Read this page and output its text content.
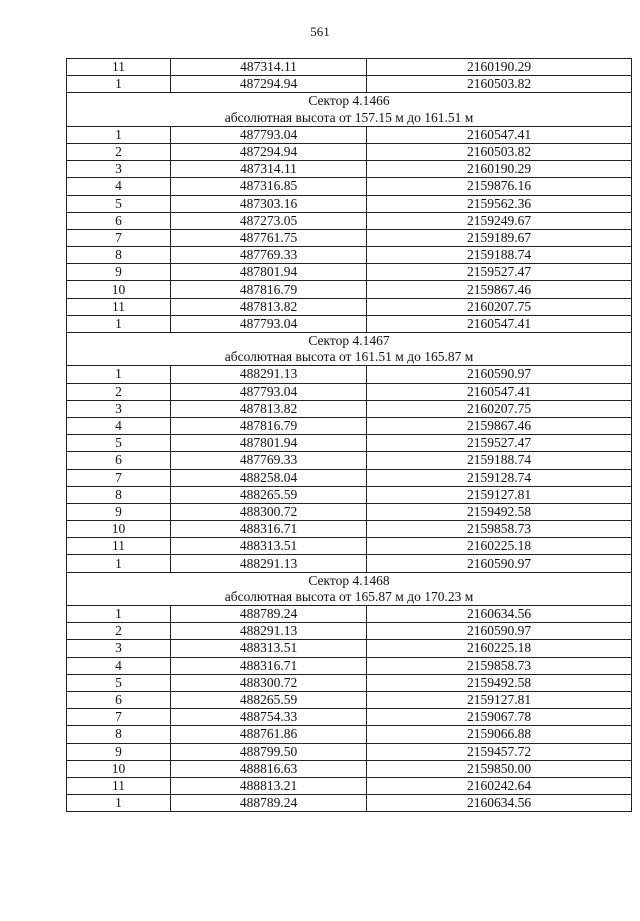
561
11	487314.11	2160190.29
1	487294.94	2160503.82
Сектор 4.1466		
абсолютная высота от 157.15 м до 161.51 м		
1	487793.04	2160547.41
2	487294.94	2160503.82
3	487314.11	2160190.29
4	487316.85	2159876.16
5	487303.16	2159562.36
6	487273.05	2159249.67
7	487761.75	2159189.67
8	487769.33	2159188.74
9	487801.94	2159527.47
10	487816.79	2159867.46
11	487813.82	2160207.75
1	487793.04	2160547.41
Сектор 4.1467		
абсолютная высота от 161.51 м до 165.87 м		
1	488291.13	2160590.97
2	487793.04	2160547.41
3	487813.82	2160207.75
4	487816.79	2159867.46
5	487801.94	2159527.47
6	487769.33	2159188.74
7	488258.04	2159128.74
8	488265.59	2159127.81
9	488300.72	2159492.58
10	488316.71	2159858.73
11	488313.51	2160225.18
1	488291.13	2160590.97
Сектор 4.1468		
абсолютная высота от 165.87 м до 170.23 м		
1	488789.24	2160634.56
2	488291.13	2160590.97
3	488313.51	2160225.18
4	488316.71	2159858.73
5	488300.72	2159492.58
6	488265.59	2159127.81
7	488754.33	2159067.78
8	488761.86	2159066.88
9	488799.50	2159457.72
10	488816.63	2159850.00
11	488813.21	2160242.64
1	488789.24	2160634.56
